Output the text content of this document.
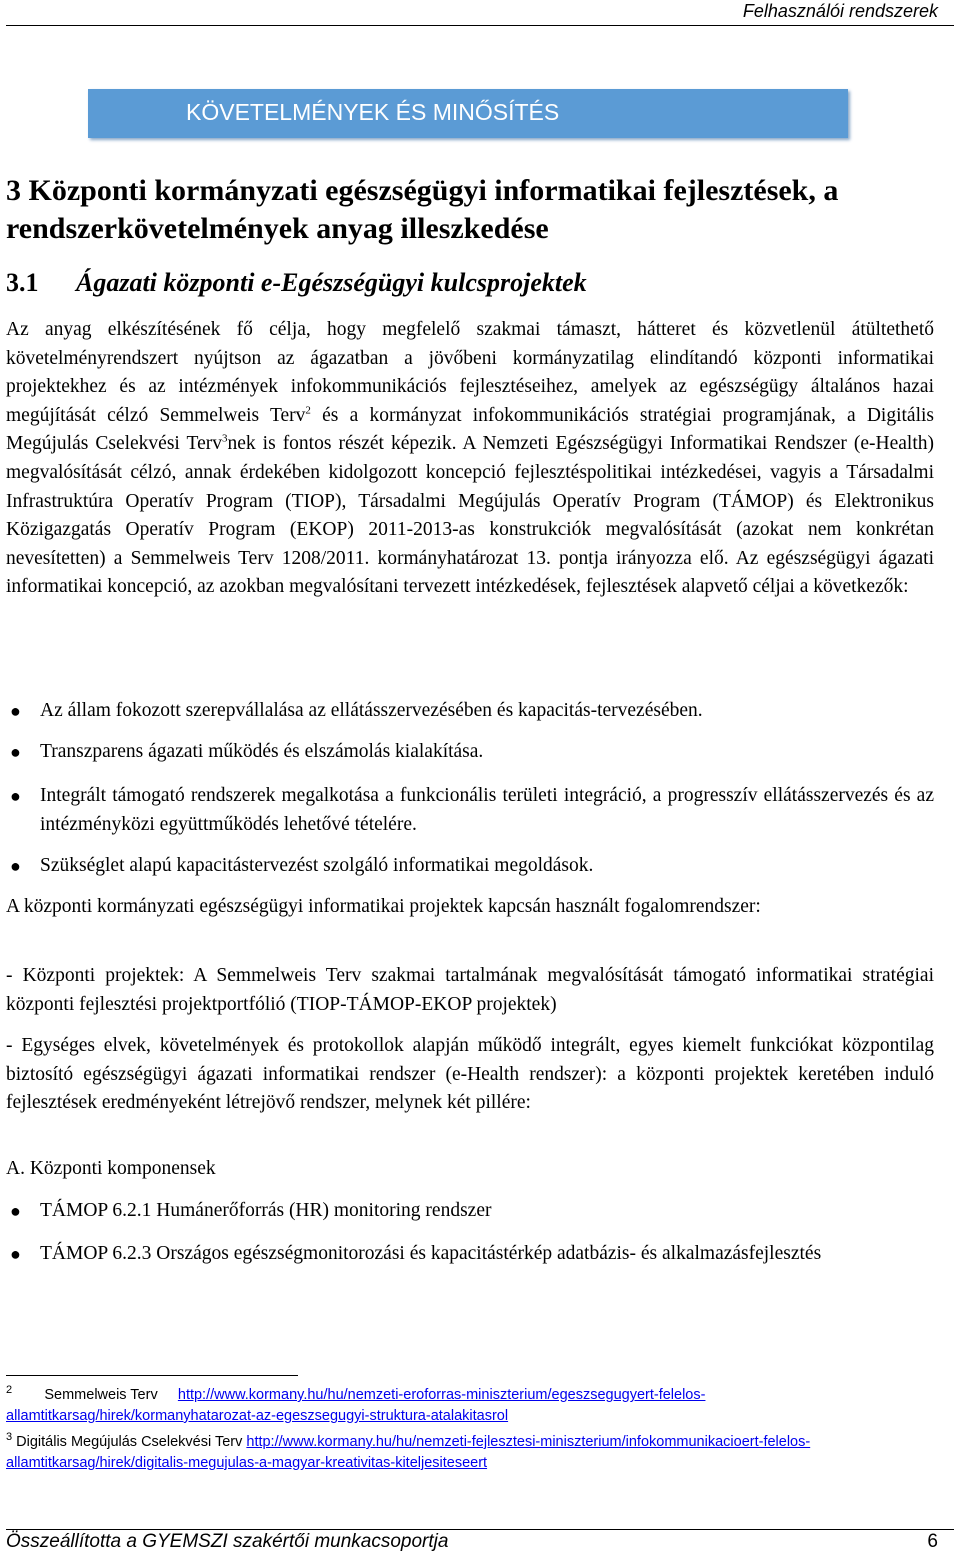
Felhasználói rendszerek
KÖVETELMÉNYEK ÉS MINŐSÍTÉS
3 Központi kormányzati egészségügyi informatikai fejlesztések, a rendszerkövetelmények anyag illeszkedése
3.1 Ágazati központi e-Egészségügyi kulcsprojektek
Az anyag elkészítésének fő célja, hogy megfelelő szakmai támaszt, hátteret és közvetlenül átültethető követelményrendszert nyújtson az ágazatban a jövőbeni kormányzatilag elindítandó központi informatikai projektekhez és az intézmények infokommunikációs fejlesztéseihez, amelyek az egészségügy általános hazai megújítását célzó Semmelweis Terv$^2$ és a kormányzat infokommunikációs stratégiai programjának, a Digitális Megújulás Cselekvési Terv$^3$nek is fontos részét képezik. A Nemzeti Egészségügyi Informatikai Rendszer (e-Health) megvalósítását célzó, annak érdekében kidolgozott koncepció fejlesztéspolitikai intézkedései, vagyis a Társadalmi Infrastruktúra Operatív Program (TIOP), Társadalmi Megújulás Operatív Program (TÁMOP) és Elektronikus Közigazgatás Operatív Program (EKOP) 2011-2013-as konstrukciók megvalósítását (azokat nem konkrétan nevesítetten) a Semmelweis Terv 1208/2011. kormányhatározat 13. pontja irányozza elő. Az egészségügyi ágazati informatikai koncepció, az azokban megvalósítani tervezett intézkedések, fejlesztések alapvető céljai a következők:
● Az állam fokozott szerepvállalása az ellátásszervezésében és kapacitás-tervezésében.
● Transzparens ágazati működés és elszámolás kialakítása.
● Integrált támogató rendszerek megalkotása a funkcionális területi integráció, a progresszív ellátásszervezés és az intézményközi együttműködés lehetővé tételére.
● Szükséglet alapú kapacitástervezést szolgáló informatikai megoldások.
A központi kormányzati egészségügyi informatikai projektek kapcsán használt fogalomrendszer:
- Központi projektek: A Semmelweis Terv szakmai tartalmának megvalósítását támogató informatikai stratégiai központi fejlesztési projektportfólió (TIOP-TÁMOP-EKOP projektek)
- Egységes elvek, követelmények és protokollok alapján működő integrált, egyes kiemelt funkciókat központilag biztosító egészségügyi ágazati informatikai rendszer (e-Health rendszer): a központi projektek keretében induló fejlesztések eredményeként létrejövő rendszer, melynek két pillére:
A. Központi komponensek
● TÁMOP 6.2.1 Humánerőforrás (HR) monitoring rendszer
● TÁMOP 6.2.3 Országos egészségmonitorozási és kapacitástérkép adatbázis- és alkalmazásfejlesztés
$^2$ Semmelweis Terv http://www.kormany.hu/hu/nemzeti-eroforras-miniszterium/egeszsegugyert-felelos-allamtitkarsag/hirek/kormanyhatarozat-az-egeszsegugyi-struktura-atalakitasrol
$^3$ Digitális Megújulás Cselekvési Terv http://www.kormany.hu/hu/nemzeti-fejlesztesi-miniszterium/infokommunikacioert-felelos-allamtitkarsag/hirek/digitalis-megujulas-a-magyar-kreativitas-kiteljesiteseert
Összeállította a GYEMSZI szakértői munkacsoportja	6
